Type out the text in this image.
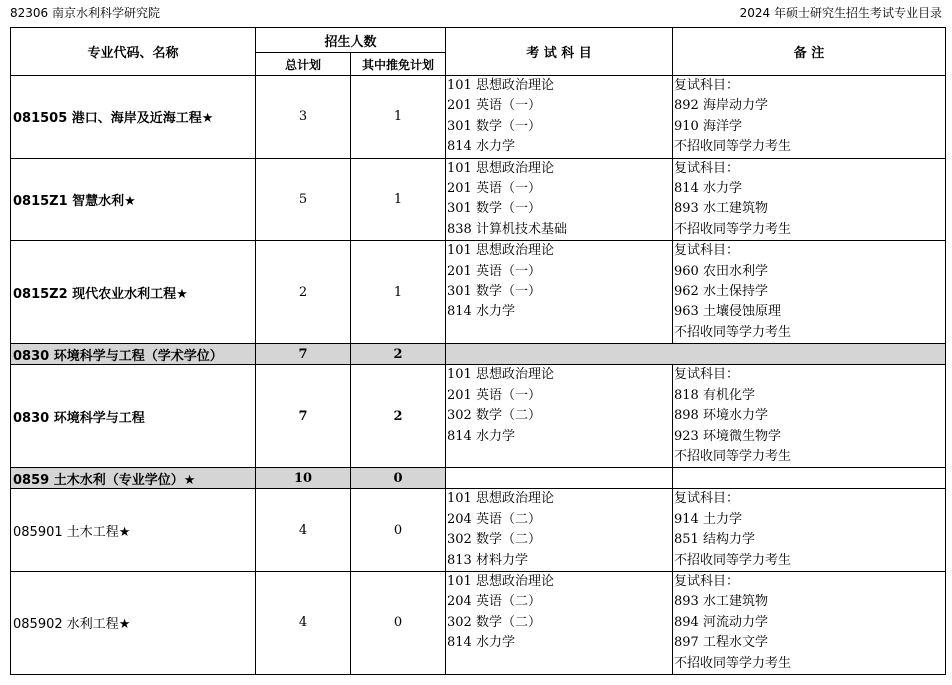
82306 南京水利科学研究院	2024 年硕士研究生招生考试专业目录
专业代码、名称	招生人数		考 试 科 目	备 注
	总计划	其中推免计划		
081505 港口、海岸及近海工程★	3	1	101 思想政治理论
201 英语（一）
301 数学（一）
814 水力学	复试科目：
892 海岸动力学
910 海洋学
不招收同等学力考生

0815Z1 智慧水利★	5	1	101 思想政治理论
201 英语（一）
301 数学（一）
838 计算机技术基础	复试科目：
814 水力学
893 水工建筑物
不招收同等学力考生

0815Z2 现代农业水利工程★	2	1	101 思想政治理论
201 英语（一）
301 数学（一）
814 水力学	复试科目：
960 农田水利学
962 水土保持学
963 土壤侵蚀原理
不招收同等学力考生

0830 环境科学与工程（学术学位）	7	2		
0830 环境科学与工程	7	2	101 思想政治理论
201 英语（一）
302 数学（二）
814 水力学	复试科目：
818 有机化学
898 环境水力学
923 环境微生物学
不招收同等学力考生

0859 土木水利（专业学位）★	10	0		
085901 土木工程★	4	0	101 思想政治理论
204 英语（二）
302 数学（二）
813 材料力学	复试科目：
914 土力学
851 结构力学
不招收同等学力考生

085902 水利工程★	4	0	101 思想政治理论
204 英语（二）
302 数学（二）
814 水力学	复试科目：
893 水工建筑物
894 河流动力学
897 工程水文学
不招收同等学力考生
